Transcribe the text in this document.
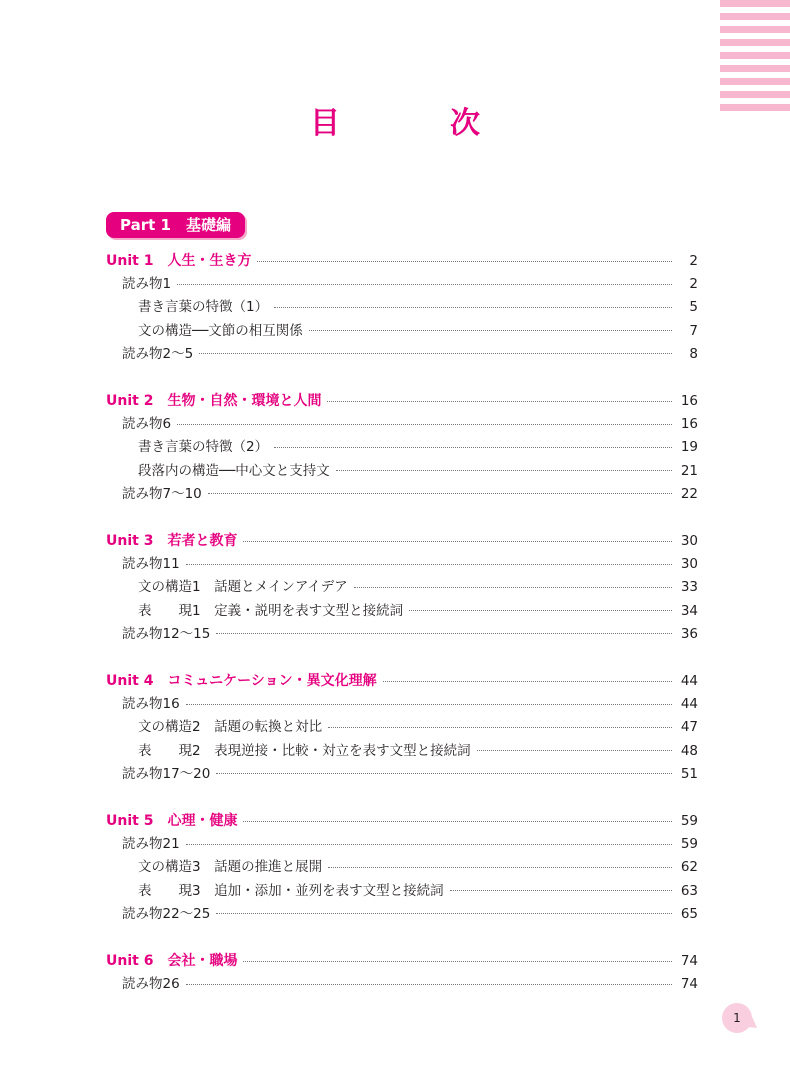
目　次
Part 1　基礎編
Unit 1　人生・生き方	2
読み物1	2
書き言葉の特徴（1）	5
文の構造──文節の相互関係	7
読み物2〜5	8
Unit 2　生物・自然・環境と人間	16
読み物6	16
書き言葉の特徴（2）	19
段落内の構造──中心文と支持文	21
読み物7〜10	22
Unit 3　若者と教育	30
読み物11	30
文の構造1　話題とメインアイデア	33
表　　現1　定義・説明を表す文型と接続詞	34
読み物12〜15	36
Unit 4　コミュニケーション・異文化理解	44
読み物16	44
文の構造2　話題の転換と対比	47
表　　現2　表現逆接・比較・対立を表す文型と接続詞	48
読み物17〜20	51
Unit 5　心理・健康	59
読み物21	59
文の構造3　話題の推進と展開	62
表　　現3　追加・添加・並列を表す文型と接続詞	63
読み物22〜25	65
Unit 6　会社・職場	74
読み物26	74
1
